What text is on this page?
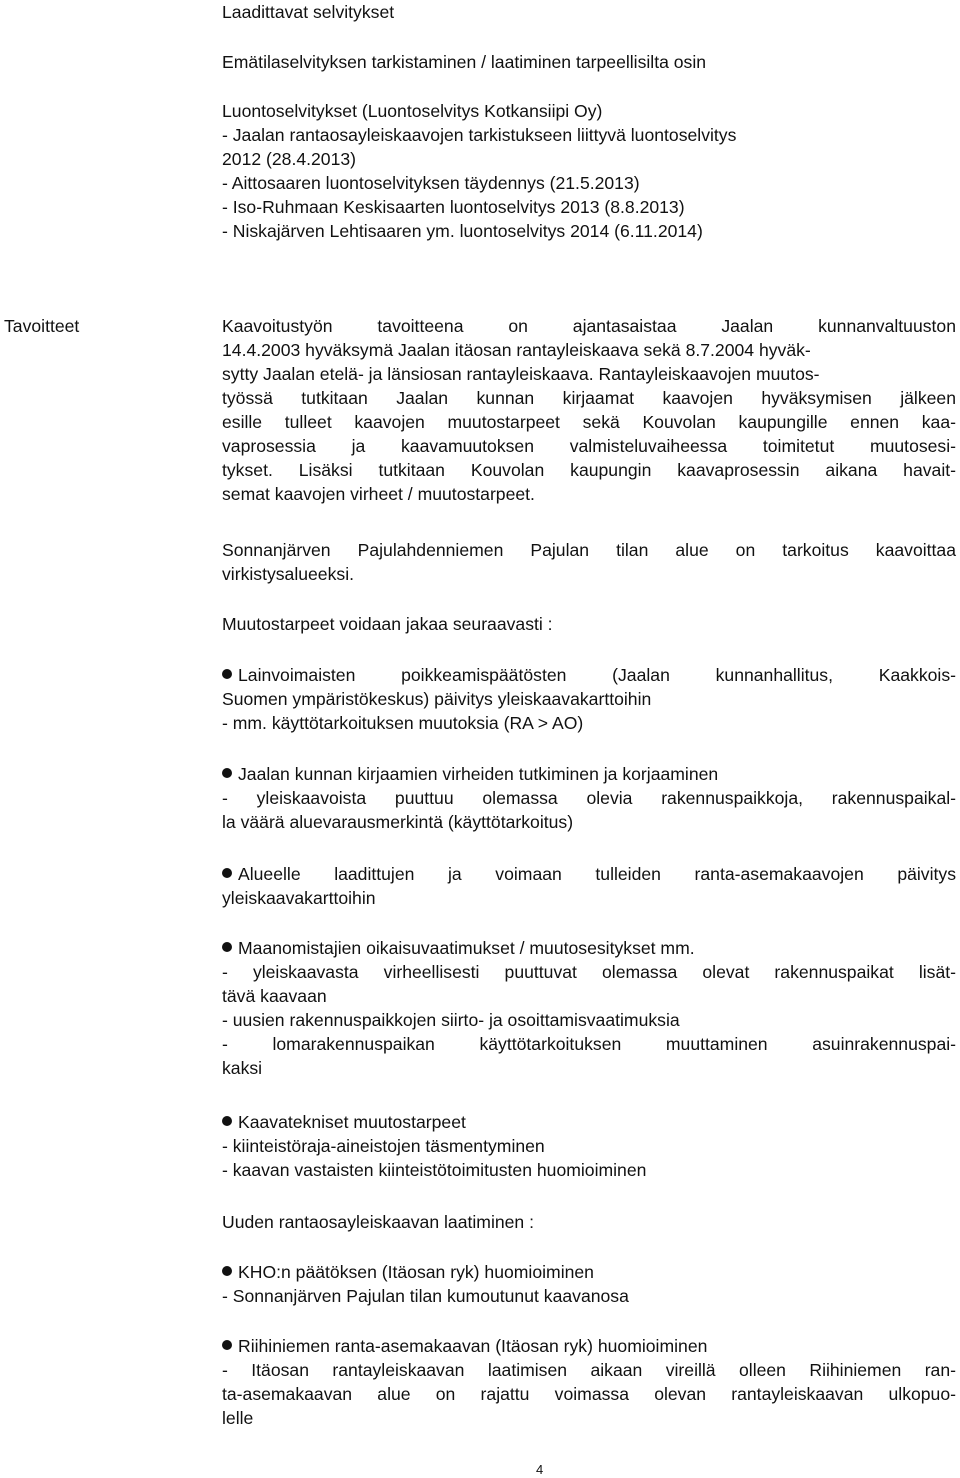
Laadittavat selvitykset
Emätilaselvityksen tarkistaminen / laatiminen tarpeellisilta osin
Luontoselvitykset (Luontoselvitys Kotkansiipi Oy)
- Jaalan rantaosayleiskaavojen tarkistukseen liittyvä luontoselvitys
2012 (28.4.2013)
- Aittosaaren luontoselvityksen täydennys (21.5.2013)
- Iso-Ruhmaan Keskisaarten luontoselvitys 2013 (8.8.2013)
- Niskajärven Lehtisaaren ym. luontoselvitys 2014 (6.11.2014)
Tavoitteet	Kaavoitustyön tavoitteena on ajantasaistaa Jaalan kunnanvaltuuston
14.4.2003 hyväksymä Jaalan itäosan rantayleiskaava sekä 8.7.2004 hyväk-
sytty Jaalan etelä- ja länsiosan rantayleiskaava. Rantayleiskaavojen muutos-
työssä tutkitaan Jaalan kunnan kirjaamat kaavojen hyväksymisen jälkeen
esille tulleet kaavojen muutostarpeet sekä Kouvolan kaupungille ennen kaa-
vaprosessia ja kaavamuutoksen valmisteluvaiheessa toimitetut muutosesi-
tykset. Lisäksi tutkitaan Kouvolan kaupungin kaavaprosessin aikana havait-
semat kaavojen virheet / muutostarpeet.
Sonnanjärven Pajulahdenniemen Pajulan tilan alue on tarkoitus kaavoittaa
virkistysalueeksi.
Muutostarpeet voidaan jakaa seuraavasti :
Lainvoimaisten poikkeamispäätösten (Jaalan kunnanhallitus, Kaakkois-
Suomen ympäristökeskus) päivitys yleiskaavakarttoihin
- mm. käyttötarkoituksen muutoksia (RA > AO)
Jaalan kunnan kirjaamien virheiden tutkiminen ja korjaaminen
- yleiskaavoista puuttuu olemassa olevia rakennuspaikkoja, rakennuspaikal-
la väärä aluevarausmerkintä (käyttötarkoitus)
Alueelle laadittujen ja voimaan tulleiden ranta-asemakaavojen päivitys
yleiskaavakarttoihin
Maanomistajien oikaisuvaatimukset / muutosesitykset mm.
- yleiskaavasta virheellisesti puuttuvat olemassa olevat rakennuspaikat lisät-
tävä kaavaan
- uusien rakennuspaikkojen siirto- ja osoittamisvaatimuksia
- lomarakennuspaikan käyttötarkoituksen muuttaminen asuinrakennuspai-
kaksi
Kaavatekniset muutostarpeet
- kiinteistöraja-aineistojen täsmentyminen
- kaavan vastaisten kiinteistötoimitusten huomioiminen
Uuden rantaosayleiskaavan laatiminen :
KHO:n päätöksen (Itäosan ryk) huomioiminen
- Sonnanjärven Pajulan tilan kumoutunut kaavanosa
Riihiniemen ranta-asemakaavan (Itäosan ryk) huomioiminen
- Itäosan rantayleiskaavan laatimisen aikaan vireillä olleen Riihiniemen ran-
ta-asemakaavan alue on rajattu voimassa olevan rantayleiskaavan ulkopuo-
lelle
4
